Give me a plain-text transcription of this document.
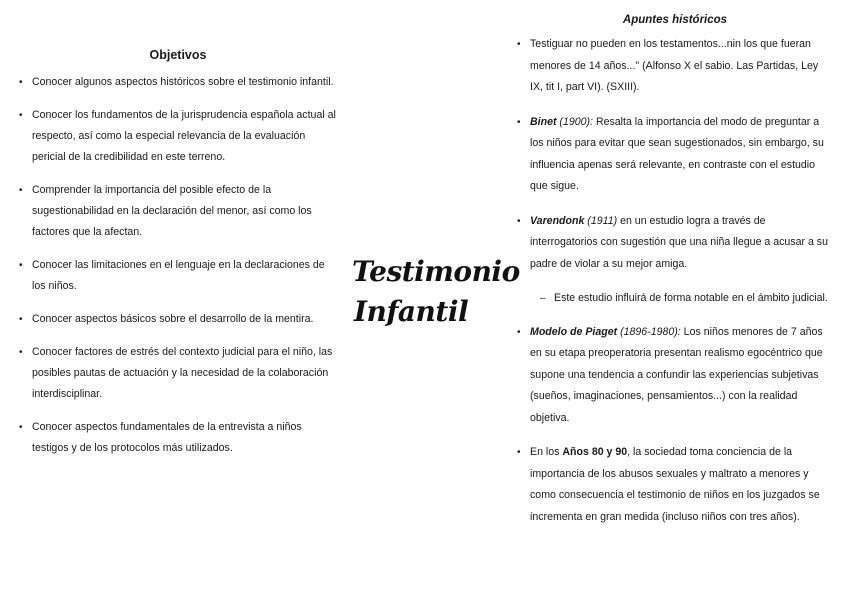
Objetivos
• Conocer algunos aspectos históricos sobre el testimonio infantil.
• Conocer los fundamentos de la jurisprudencia española actual al respecto, así como la especial relevancia de la evaluación pericial de la credibilidad en este terreno.
• Comprender la importancia del posible efecto de la sugestionabilidad en la declaración del menor, así como los factores que la afectan.
• Conocer las limitaciones en el lenguaje en la declaraciones de los niños.
• Conocer aspectos básicos sobre el desarrollo de la mentira.
• Conocer factores de estrés del contexto judicial para el niño, las posibles pautas de actuación y la necesidad de la colaboración interdisciplinar.
• Conocer aspectos fundamentales de la entrevista a niños testigos y de los protocolos más utilizados.
Testimonio
Infantil
Apuntes históricos
• Testiguar no pueden en los testamentos...nin los que fueran menores de 14 años..." (Alfonso X el sabio. Las Partidas, Ley IX, tit I, part VI). (SXIII).
• Binet (1900): Resalta la importancia del modo de preguntar a los niños para evitar que sean sugestionados, sin embargo, su influencia apenas será relevante, en contraste con el estudio que sigue.
• Varendonk (1911) en un estudio logra a través de interrogatorios con sugestión que una niña llegue a acusar a su padre de violar a su mejor amiga.
– Este estudio influirá de forma notable en el ámbito judicial.
• Modelo de Piaget (1896-1980): Los niños menores de 7 años en su etapa preoperatoria presentan realismo egocéntrico que supone una tendencia a confundir las experiencias subjetivas (sueños, imaginaciones, pensamientos...) con la realidad objetiva.
• En los Años 80 y 90, la sociedad toma conciencia de la importancia de los abusos sexuales y maltrato a menores y como consecuencia el testimonio de niños en los juzgados se incrementa en gran medida (incluso niños con tres años).
